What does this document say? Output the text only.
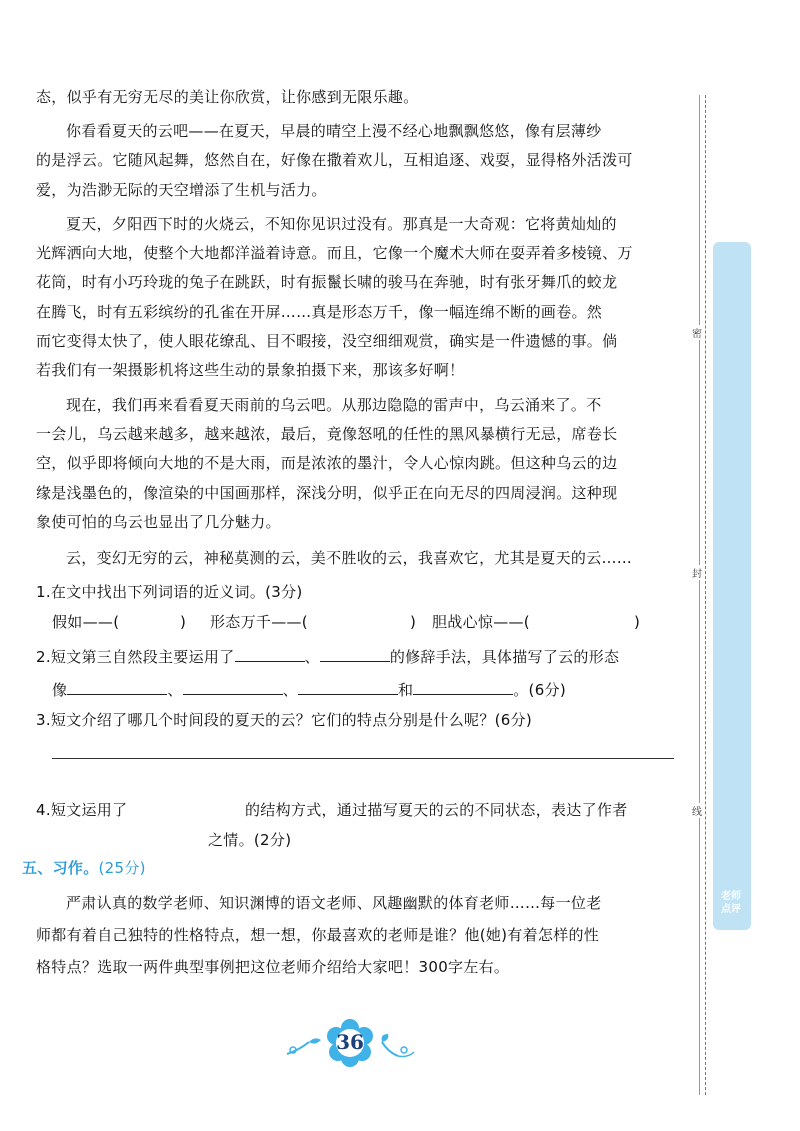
态，似乎有无穷无尽的美让你欣赏，让你感到无限乐趣。
你看看夏天的云吧——在夏天，早晨的晴空上漫不经心地飘飘悠悠，像有层薄纱
的是浮云。它随风起舞，悠然自在，好像在撒着欢儿，互相追逐、戏耍，显得格外活泼可
爱，为浩渺无际的天空增添了生机与活力。
夏天，夕阳西下时的火烧云，不知你见识过没有。那真是一大奇观：它将黄灿灿的
光辉洒向大地，使整个大地都洋溢着诗意。而且，它像一个魔术大师在耍弄着多棱镜、万
花筒，时有小巧玲珑的兔子在跳跃，时有振鬣长啸的骏马在奔驰，时有张牙舞爪的蛟龙
在腾飞，时有五彩缤纷的孔雀在开屏……真是形态万千，像一幅连绵不断的画卷。然
而它变得太快了，使人眼花缭乱、目不暇接，没空细细观赏，确实是一件遗憾的事。倘
若我们有一架摄影机将这些生动的景象拍摄下来，那该多好啊！
现在，我们再来看看夏天雨前的乌云吧。从那边隐隐的雷声中，乌云涌来了。不
一会儿，乌云越来越多，越来越浓，最后，竟像怒吼的任性的黑风暴横行无忌，席卷长
空，似乎即将倾向大地的不是大雨，而是浓浓的墨汁，令人心惊肉跳。但这种乌云的边
缘是浅墨色的，像渲染的中国画那样，深浅分明，似乎正在向无尽的四周浸润。这种现
象使可怕的乌云也显出了几分魅力。
云，变幻无穷的云，神秘莫测的云，美不胜收的云，我喜欢它，尤其是夏天的云……
1.在文中找出下列词语的近义词。(3分)
假如——(	) 形态万千——(	) 胆战心惊——(	)
2.短文第三自然段主要运用了	、	的修辞手法，具体描写了云的形态
像	、	、	和	。(6分)
3.短文介绍了哪几个时间段的夏天的云？它们的特点分别是什么呢？(6分)
4.短文运用了	的结构方式，通过描写夏天的云的不同状态，表达了作者
之情。(2分)
五、习作。(25分)
严肃认真的数学老师、知识渊博的语文老师、风趣幽默的体育老师……每一位老
师都有着自己独特的性格特点，想一想，你最喜欢的老师是谁？他(她)有着怎样的性
格特点？选取一两件典型事例把这位老师介绍给大家吧！300字左右。
密
封
线
老师
点评
36
